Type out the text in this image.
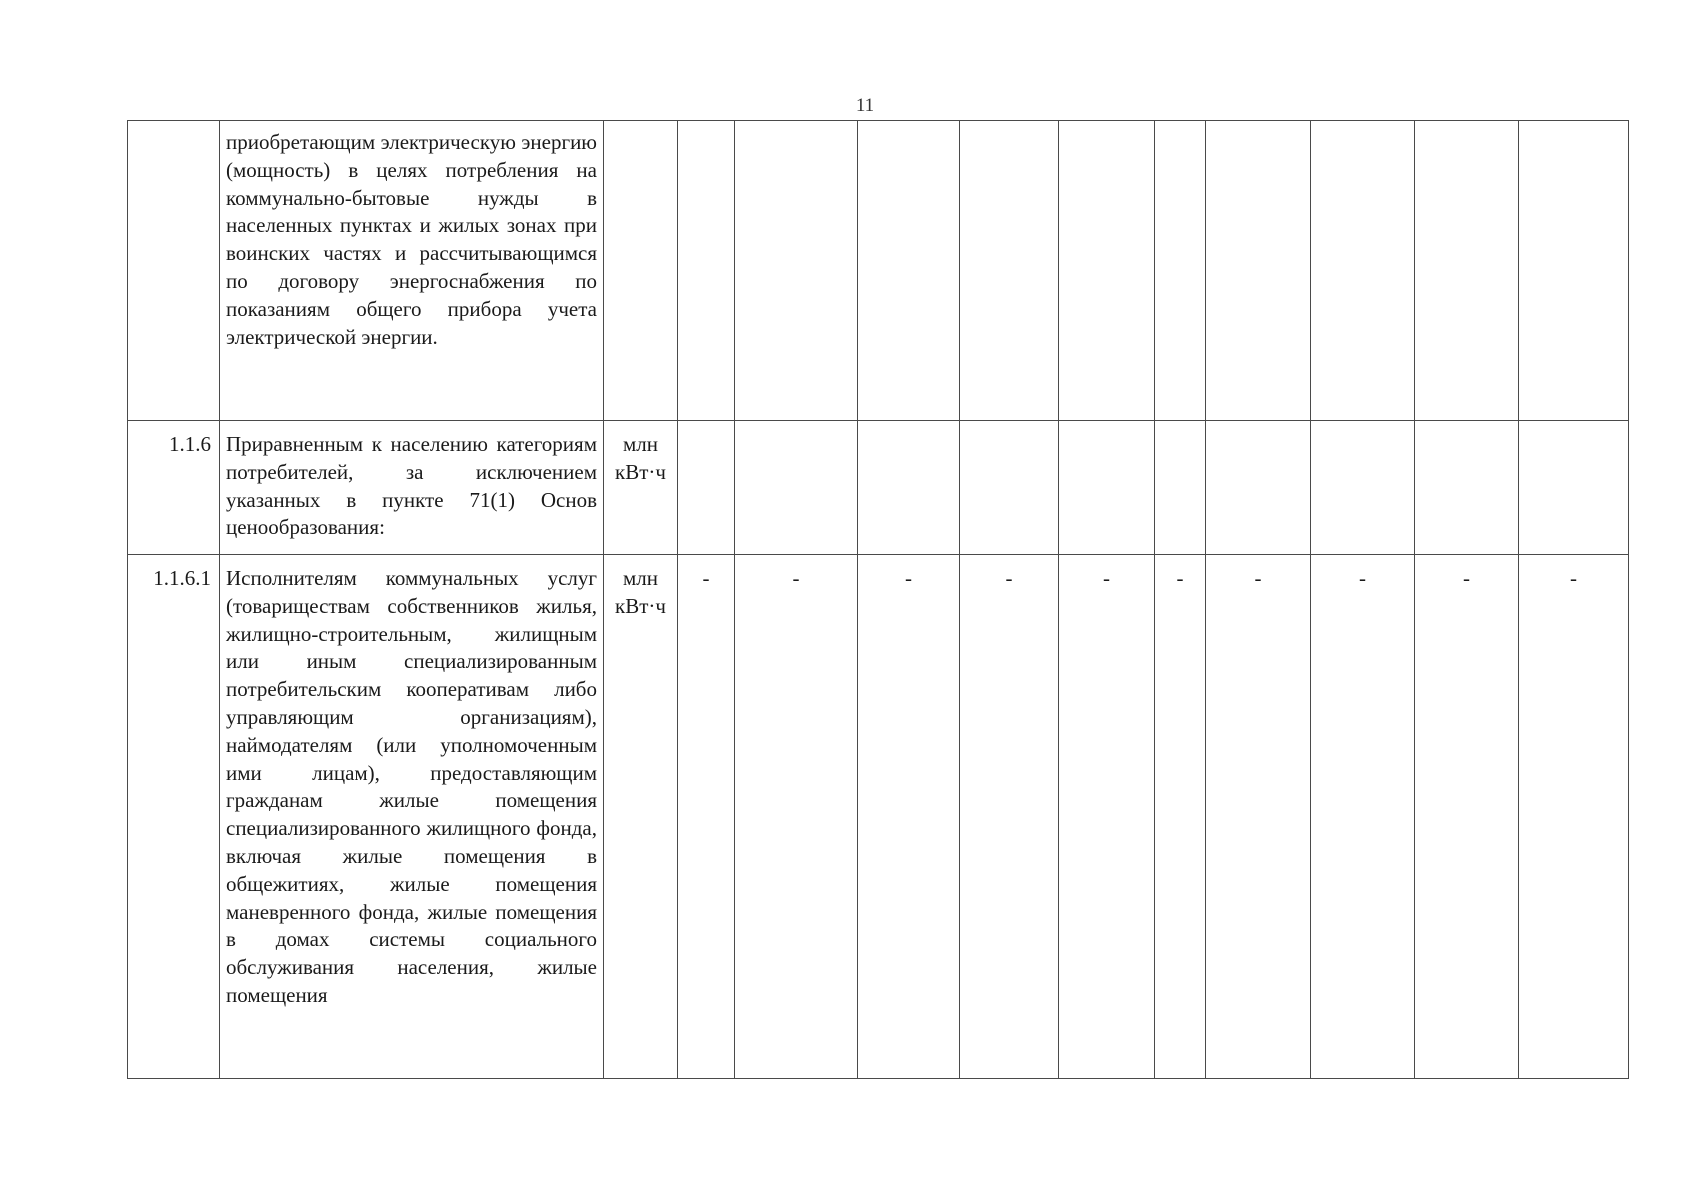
11
	приобретающим электрическую энергию (мощность) в целях потребления на коммунально-бытовые нужды в населенных пунктах и жилых зонах при воинских частях и рассчитывающимся по договору энергоснабжения по показаниям общего прибора учета электрической энергии.											
1.1.6	Приравненным к населению категориям потребителей, за исключением указанных в пункте 71(1) Основ ценообразования:	млн кВт·ч										
1.1.6.1	Исполнителям коммунальных услуг (товариществам собственников жилья, жилищно-строительным, жилищным или иным специализированным потребительским кооперативам либо управляющим организациям), наймодателям (или уполномоченным ими лицам), предоставляющим гражданам жилые помещения специализированного жилищного фонда, включая жилые помещения в общежитиях, жилые помещения маневренного фонда, жилые помещения в домах системы социального обслуживания населения, жилые помещения	млн кВт·ч	-	-	-	-	-	-	-	-	-	-
